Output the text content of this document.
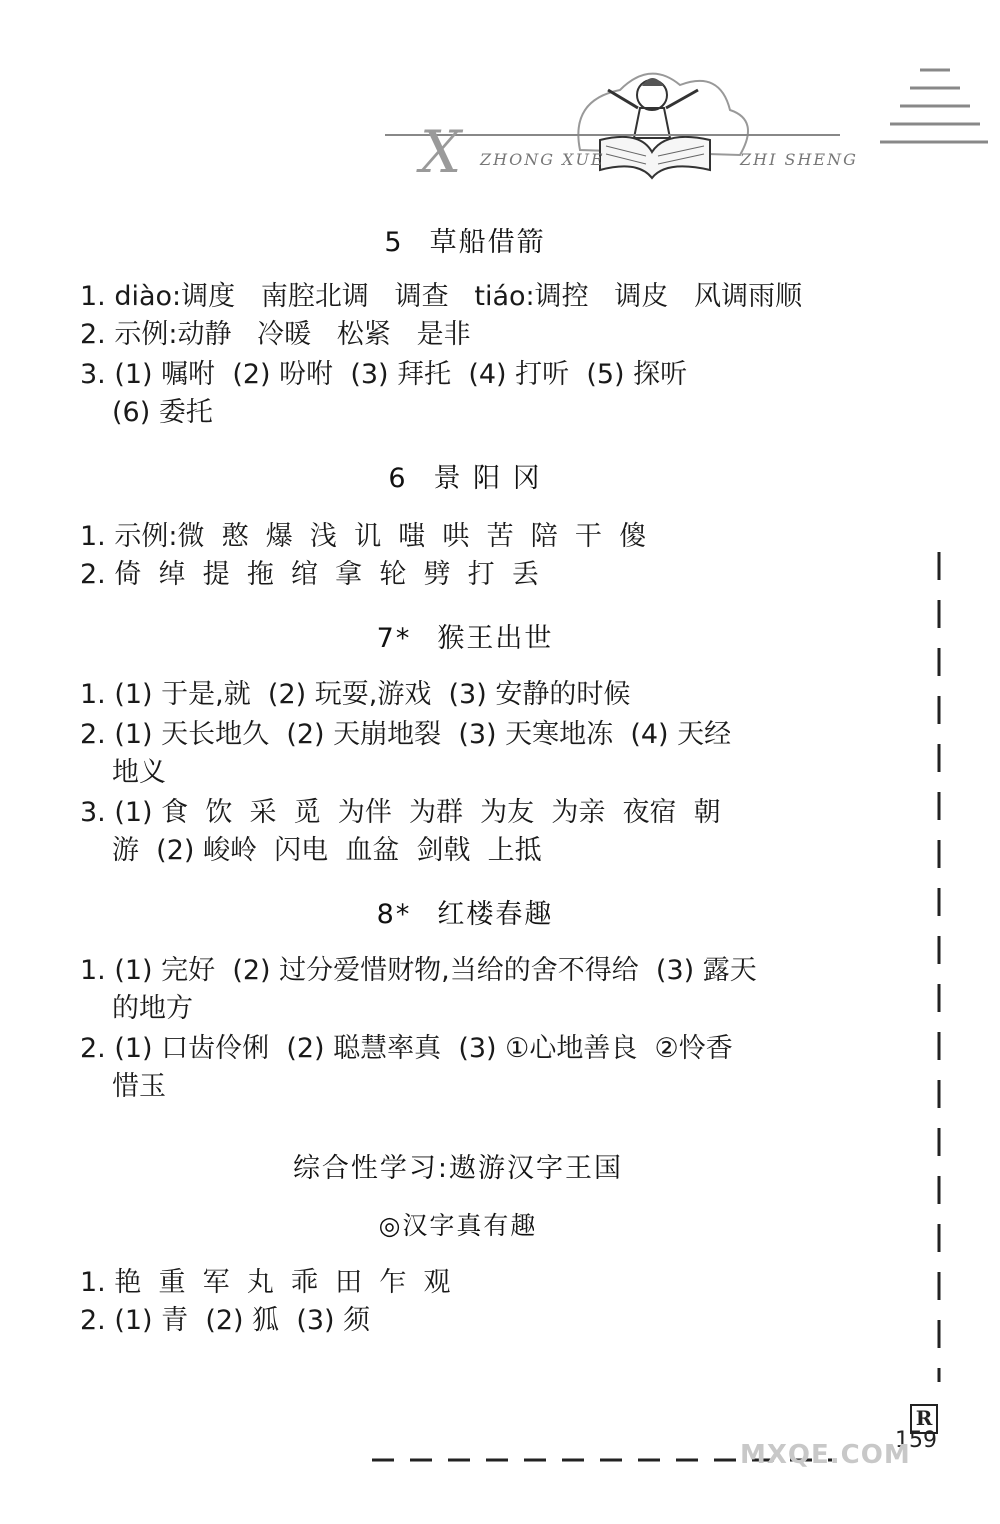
X ZHONG XUE	ZHI SHENG
5 草船借箭
1. diào:调度   南腔北调   调查   tiáo:调控   调皮   风调雨顺
2. 示例:动静   冷暖   松紧   是非
3. (1) 嘱咐  (2) 吩咐  (3) 拜托  (4) 打听  (5) 探听
(6) 委托
6 景 阳 冈
1. 示例:微  憨  爆  浅  讥  嗤  哄  苦  陪  干  傻
2. 倚  绰  提  拖  绾  拿  轮  劈  打  丢
7* 猴王出世
1. (1) 于是,就  (2) 玩耍,游戏  (3) 安静的时候
2. (1) 天长地久  (2) 天崩地裂  (3) 天寒地冻  (4) 天经
地义
3. (1) 食  饮  采  觅  为伴  为群  为友  为亲  夜宿  朝
游  (2) 峻岭  闪电  血盆  剑戟  上抵
8* 红楼春趣
1. (1) 完好  (2) 过分爱惜财物,当给的舍不得给  (3) 露天
的地方
2. (1) 口齿伶俐  (2) 聪慧率真  (3) ①心地善良  ②怜香
惜玉
综合性学习:遨游汉字王国
◎汉字真有趣
1. 艳  重  军  丸  乖  田  乍  观
2. (1) 青  (2) 狐  (3) 须
R
159
MXQE.COM
